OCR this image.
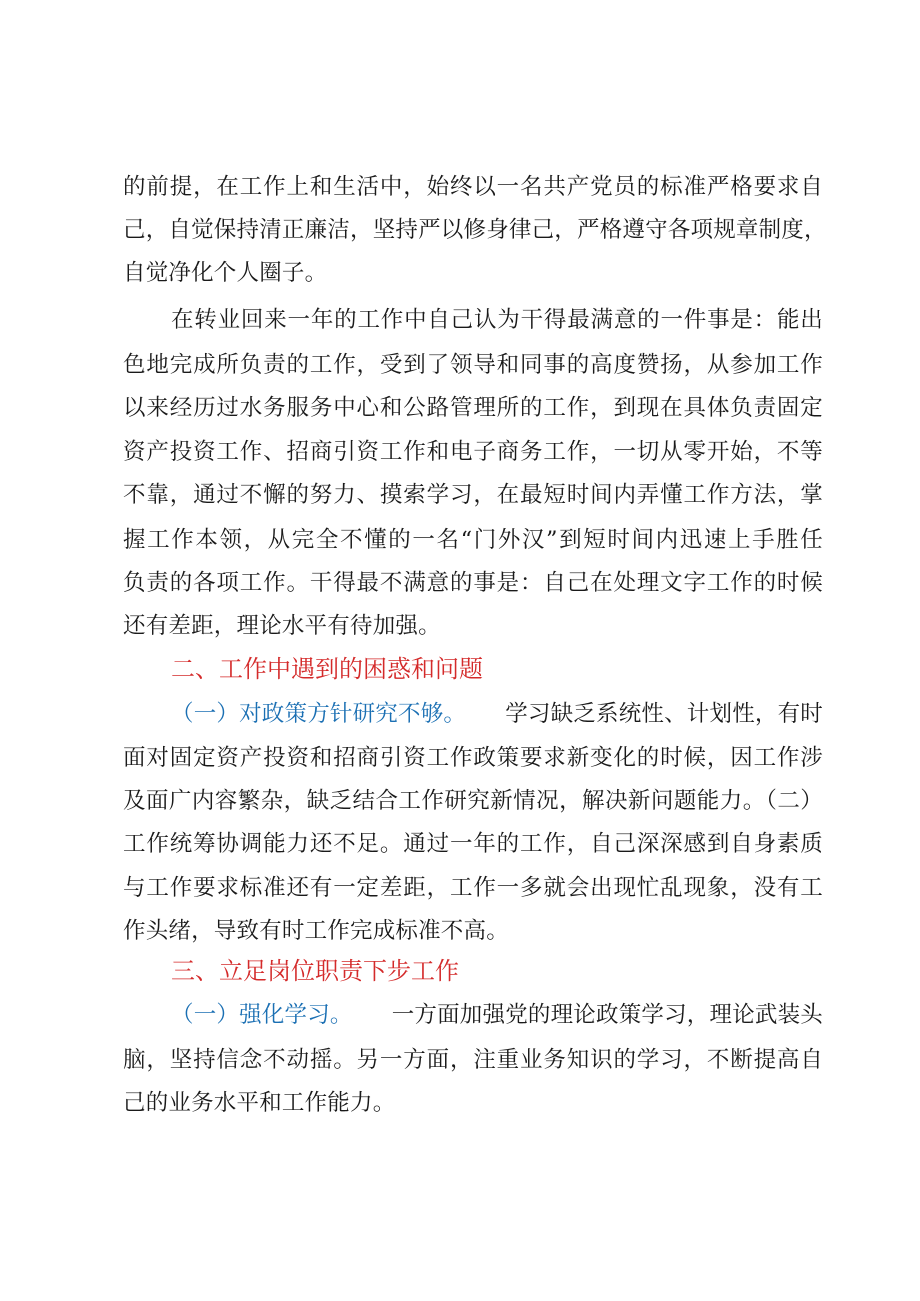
的前提，在工作上和生活中，始终以一名共产党员的标准严格要求自
己，自觉保持清正廉洁，坚持严以修身律己，严格遵守各项规章制度，
自觉净化个人圈子。
在转业回来一年的工作中自己认为干得最满意的一件事是：能出
色地完成所负责的工作，受到了领导和同事的高度赞扬，从参加工作
以来经历过水务服务中心和公路管理所的工作，到现在具体负责固定
资产投资工作、招商引资工作和电子商务工作，一切从零开始，不等
不靠，通过不懈的努力、摸索学习，在最短时间内弄懂工作方法，掌
握工作本领，从完全不懂的一名“门外汉”到短时间内迅速上手胜任
负责的各项工作。干得最不满意的事是：自己在处理文字工作的时候
还有差距，理论水平有待加强。
二、工作中遇到的困惑和问题
（一）对政策方针研究不够。 学习缺乏系统性、计划性，有时
面对固定资产投资和招商引资工作政策要求新变化的时候，因工作涉
及面广内容繁杂，缺乏结合工作研究新情况，解决新问题能力。（二）
工作统筹协调能力还不足。通过一年的工作，自己深深感到自身素质
与工作要求标准还有一定差距，工作一多就会出现忙乱现象，没有工
作头绪，导致有时工作完成标准不高。
三、立足岗位职责下步工作
（一）强化学习。 一方面加强党的理论政策学习，理论武装头
脑，坚持信念不动摇。另一方面，注重业务知识的学习，不断提高自
己的业务水平和工作能力。
